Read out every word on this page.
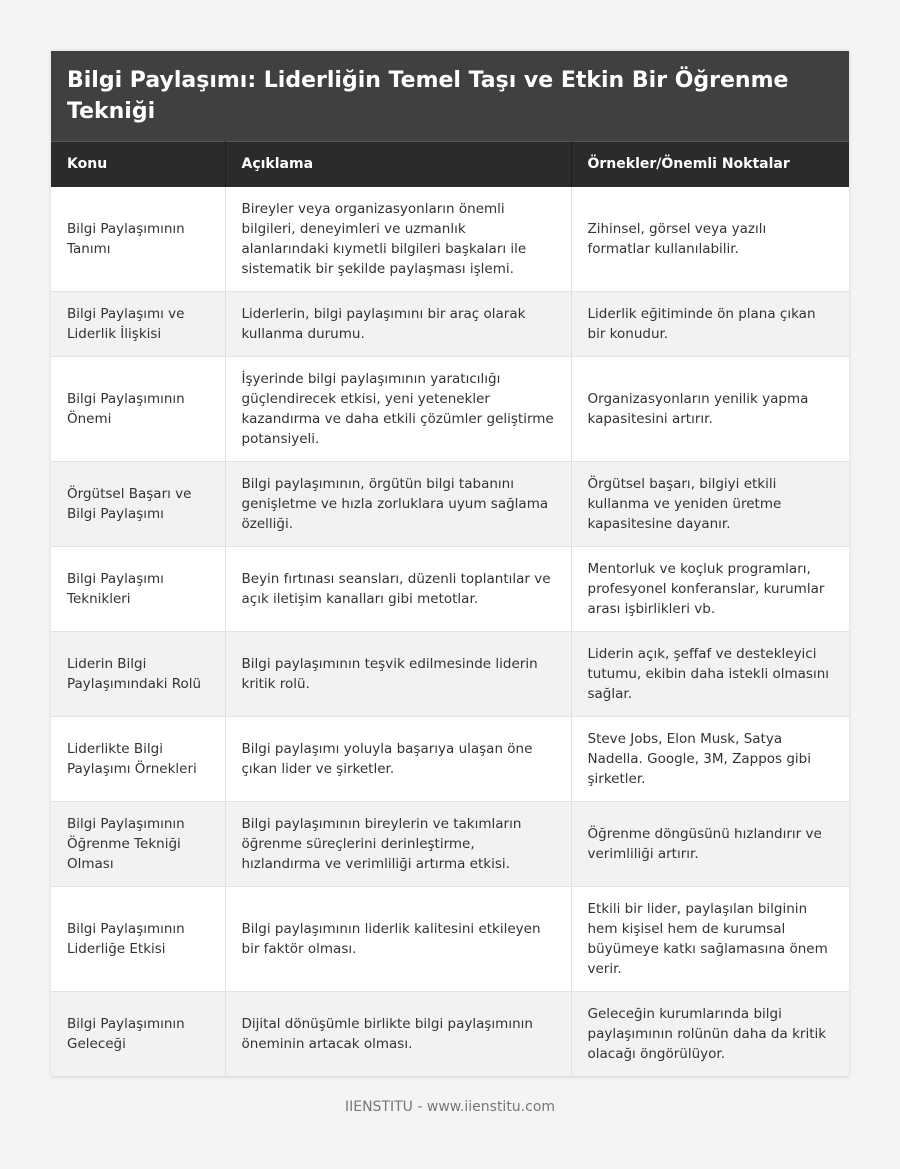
Bilgi Paylaşımı: Liderliğin Temel Taşı ve Etkin Bir Öğrenme Tekniği
Konu	Açıklama	Örnekler/Önemli Noktalar
Bilgi Paylaşımının Tanımı	Bireyler veya organizasyonların önemli bilgileri, deneyimleri ve uzmanlık alanlarındaki kıymetli bilgileri başkaları ile sistematik bir şekilde paylaşması işlemi.	Zihinsel, görsel veya yazılı formatlar kullanılabilir.
Bilgi Paylaşımı ve Liderlik İlişkisi	Liderlerin, bilgi paylaşımını bir araç olarak kullanma durumu.	Liderlik eğitiminde ön plana çıkan bir konudur.
Bilgi Paylaşımının Önemi	İşyerinde bilgi paylaşımının yaratıcılığı güçlendirecek etkisi, yeni yetenekler kazandırma ve daha etkili çözümler geliştirme potansiyeli.	Organizasyonların yenilik yapma kapasitesini artırır.
Örgütsel Başarı ve Bilgi Paylaşımı	Bilgi paylaşımının, örgütün bilgi tabanını genişletme ve hızla zorluklara uyum sağlama özelliği.	Örgütsel başarı, bilgiyi etkili kullanma ve yeniden üretme kapasitesine dayanır.
Bilgi Paylaşımı Teknikleri	Beyin fırtınası seansları, düzenli toplantılar ve açık iletişim kanalları gibi metotlar.	Mentorluk ve koçluk programları, profesyonel konferanslar, kurumlar arası işbirlikleri vb.
Liderin Bilgi Paylaşımındaki Rolü	Bilgi paylaşımının teşvik edilmesinde liderin kritik rolü.	Liderin açık, şeffaf ve destekleyici tutumu, ekibin daha istekli olmasını sağlar.
Liderlikte Bilgi Paylaşımı Örnekleri	Bilgi paylaşımı yoluyla başarıya ulaşan öne çıkan lider ve şirketler.	Steve Jobs, Elon Musk, Satya Nadella. Google, 3M, Zappos gibi şirketler.
Bilgi Paylaşımının Öğrenme Tekniği Olması	Bilgi paylaşımının bireylerin ve takımların öğrenme süreçlerini derinleştirme, hızlandırma ve verimliliği artırma etkisi.	Öğrenme döngüsünü hızlandırır ve verimliliği artırır.
Bilgi Paylaşımının Liderliğe Etkisi	Bilgi paylaşımının liderlik kalitesini etkileyen bir faktör olması.	Etkili bir lider, paylaşılan bilginin hem kişisel hem de kurumsal büyümeye katkı sağlamasına önem verir.
Bilgi Paylaşımının Geleceği	Dijital dönüşümle birlikte bilgi paylaşımının öneminin artacak olması.	Geleceğin kurumlarında bilgi paylaşımının rolünün daha da kritik olacağı öngörülüyor.
IIENSTITU - www.iienstitu.com
